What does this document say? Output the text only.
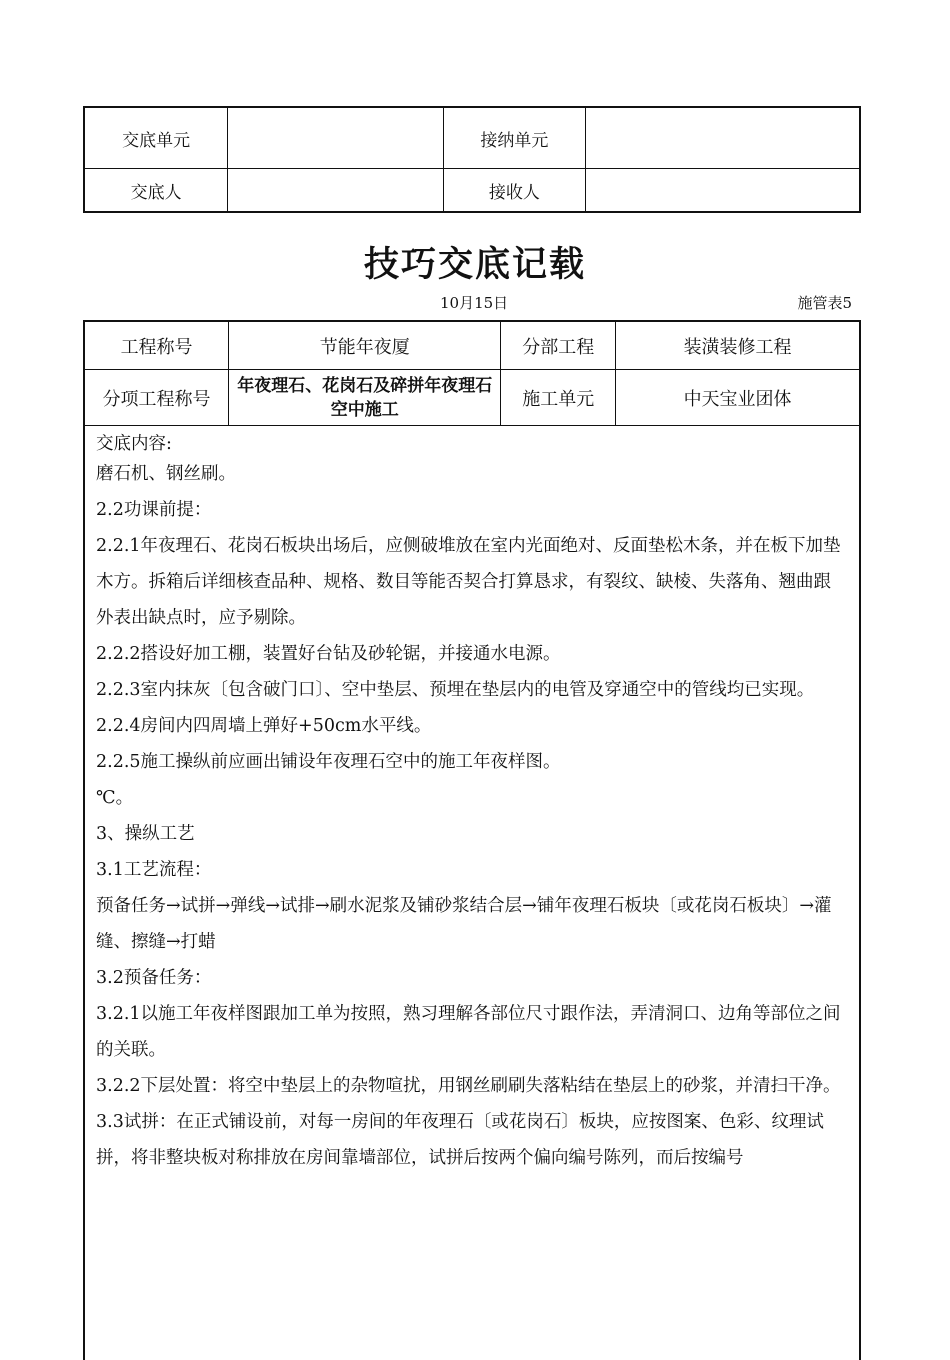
交底单元		接纳单元	
交底人		接收人	
技巧交底记载
10月15日	施管表5
工程称号	节能年夜厦	分部工程	装潢装修工程
分项工程称号	年夜理石、花岗石及碎拼年夜理石空中施工	施工单元	中天宝业团体
交底内容:

磨石机、钢丝刷。

2.2功课前提：

2.2.1年夜理石、花岗石板块出场后，应侧破堆放在室内光面绝对、反面垫松木条，并在板下加垫木方。拆箱后详细核查品种、规格、数目等能否契合打算恳求，有裂纹、缺棱、失落角、翘曲跟外表出缺点时，应予剔除。

2.2.2搭设好加工棚，装置好台钻及砂轮锯，并接通水电源。

2.2.3室内抹灰〔包含破门口〕、空中垫层、预埋在垫层内的电管及穿通空中的管线均已实现。

2.2.4房间内四周墙上弹好+50cm水平线。

2.2.5施工操纵前应画出铺设年夜理石空中的施工年夜样图。

℃。

3、操纵工艺

3.1工艺流程：

预备任务→试拼→弹线→试排→刷水泥浆及铺砂浆结合层→铺年夜理石板块〔或花岗石板块〕→灌缝、擦缝→打蜡

3.2预备任务：

3.2.1以施工年夜样图跟加工单为按照，熟习理解各部位尺寸跟作法，弄清洞口、边角等部位之间的关联。

3.2.2下层处置：将空中垫层上的杂物喧扰，用钢丝刷刷失落粘结在垫层上的砂浆，并清扫干净。

3.3试拼：在正式铺设前，对每一房间的年夜理石〔或花岗石〕板块，应按图案、色彩、纹理试拼，将非整块板对称排放在房间靠墙部位，试拼后按两个偏向编号陈列，而后按编号
